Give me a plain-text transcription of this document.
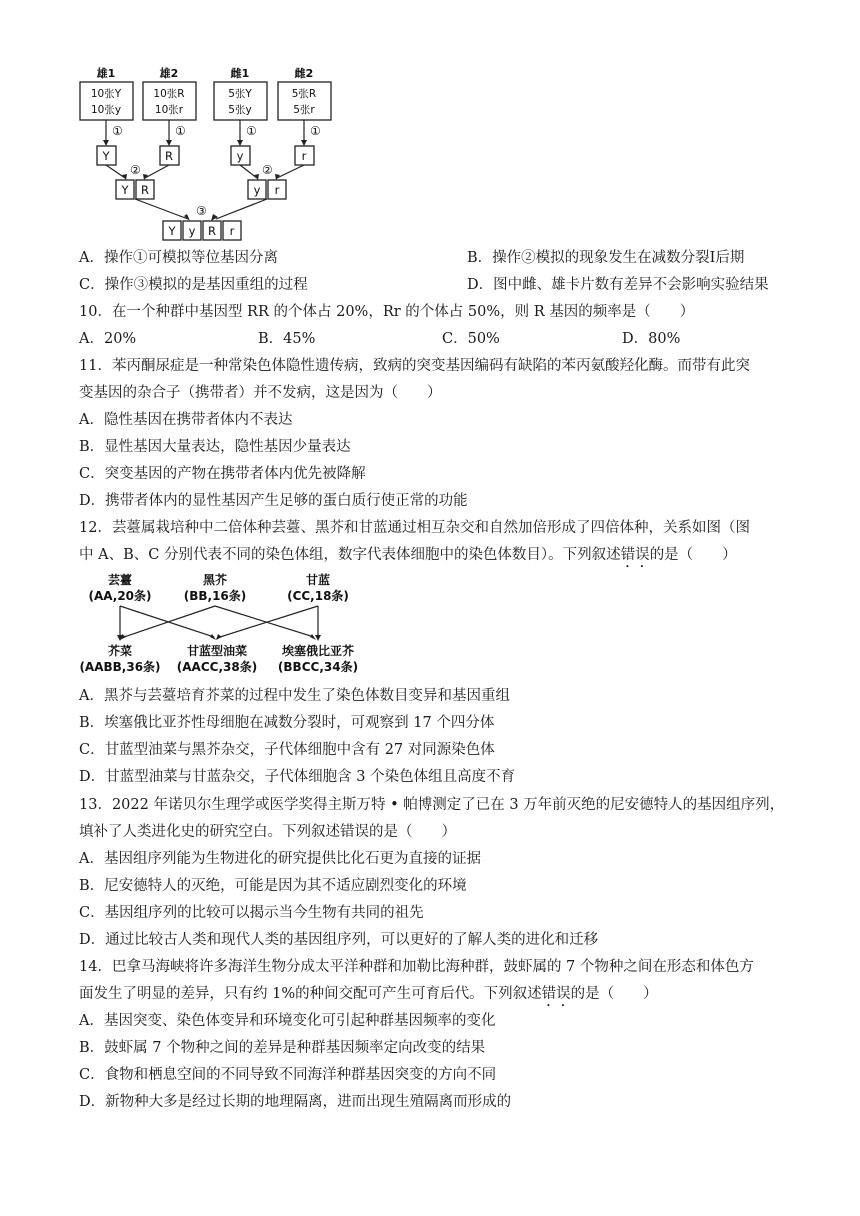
雄1	雄2	雌1	雌2
10张Y
10张y
10张R
10张r
5张Y
5张y
5张R
5张r
①	①	①	①
②	②
③
Y	R	y	r
Y R	y r
Y y R r
A．操作①可模拟等位基因分离	B．操作②模拟的现象发生在减数分裂Ⅰ后期
C．操作③模拟的是基因重组的过程	D．图中雌、雄卡片数有差异不会影响实验结果
10．在一个种群中基因型 RR 的个体占 20%，Rr 的个体占 50%，则 R 基因的频率是（　　）
A．20%	B．45%	C．50%	D．80%
11．苯丙酮尿症是一种常染色体隐性遗传病，致病的突变基因编码有缺陷的苯丙氨酸羟化酶。而带有此突
变基因的杂合子（携带者）并不发病，这是因为（　　）
A．隐性基因在携带者体内不表达
B．显性基因大量表达，隐性基因少量表达
C．突变基因的产物在携带者体内优先被降解
D．携带者体内的显性基因产生足够的蛋白质行使正常的功能
12．芸薹属栽培种中二倍体种芸薹、黑芥和甘蓝通过相互杂交和自然加倍形成了四倍体种，关系如图（图
中 A、B、C 分别代表不同的染色体组，数字代表体细胞中的染色体数目）。下列叙述错误的是（　　）
芸薹
(AA,20条)
黑芥
(BB,16条)
甘蓝
(CC,18条)
芥菜
(AABB,36条)
甘蓝型油菜
(AACC,38条)
埃塞俄比亚芥
(BBCC,34条)
A．黑芥与芸薹培育芥菜的过程中发生了染色体数目变异和基因重组
B．埃塞俄比亚芥性母细胞在减数分裂时，可观察到 17 个四分体
C．甘蓝型油菜与黑芥杂交，子代体细胞中含有 27 对同源染色体
D．甘蓝型油菜与甘蓝杂交，子代体细胞含 3 个染色体组且高度不育
13．2022 年诺贝尔生理学或医学奖得主斯万特 • 帕博测定了已在 3 万年前灭绝的尼安德特人的基因组序列，
填补了人类进化史的研究空白。下列叙述错误的是（　　）
A．基因组序列能为生物进化的研究提供比化石更为直接的证据
B．尼安德特人的灭绝，可能是因为其不适应剧烈变化的环境
C．基因组序列的比较可以揭示当今生物有共同的祖先
D．通过比较古人类和现代人类的基因组序列，可以更好的了解人类的进化和迁移
14．巴拿马海峡将许多海洋生物分成太平洋种群和加勒比海种群，鼓虾属的 7 个物种之间在形态和体色方
面发生了明显的差异，只有约 1%的种间交配可产生可育后代。下列叙述错误的是（　　）
A．基因突变、染色体变异和环境变化可引起种群基因频率的变化
B．鼓虾属 7 个物种之间的差异是种群基因频率定向改变的结果
C．食物和栖息空间的不同导致不同海洋种群基因突变的方向不同
D．新物种大多是经过长期的地理隔离，进而出现生殖隔离而形成的
